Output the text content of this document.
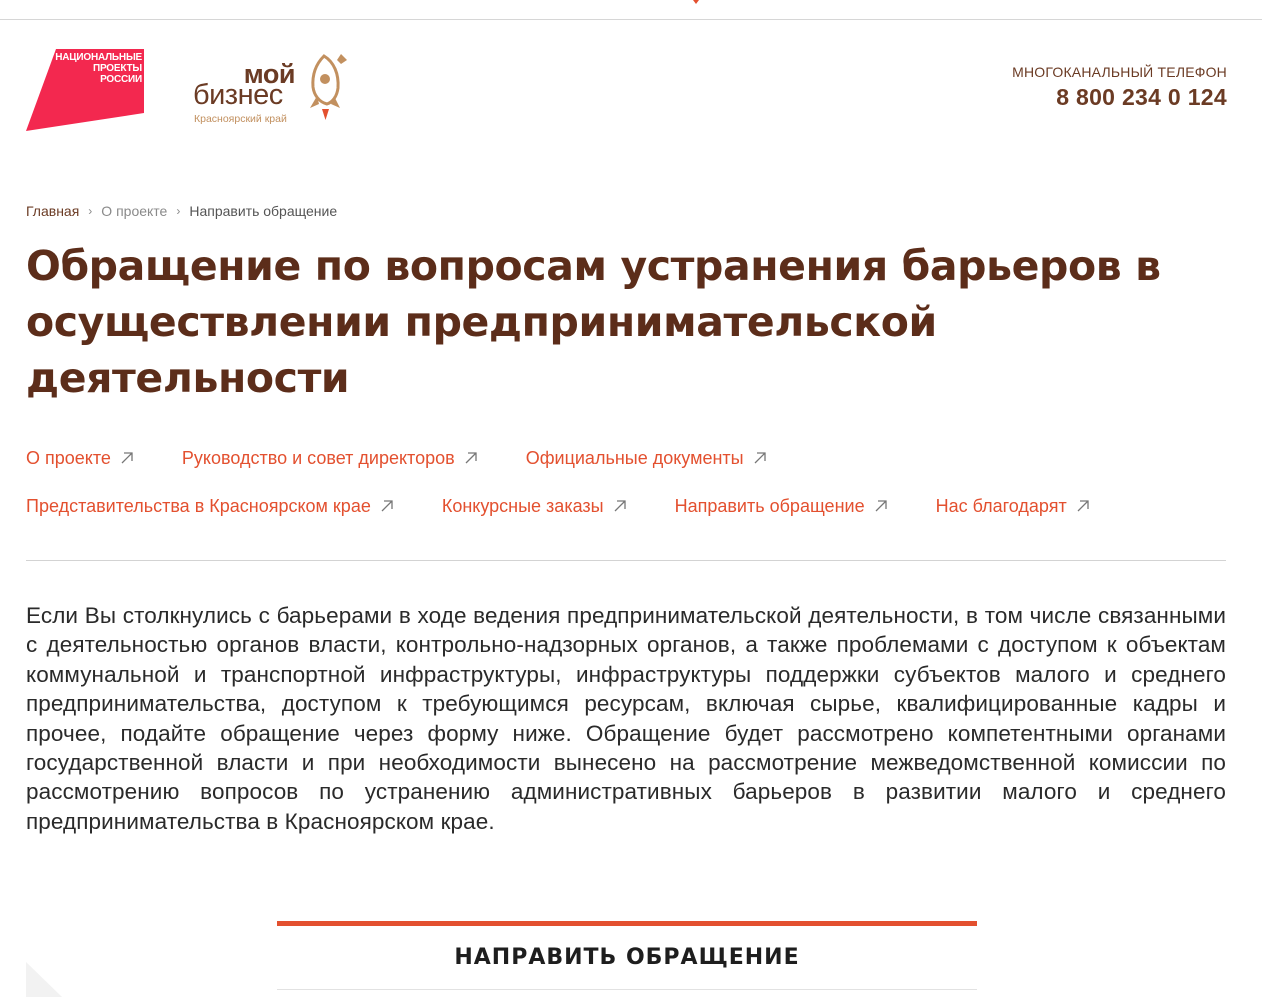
НАЦИОНАЛЬНЫЕ
ПРОЕКТЫ
РОССИИ	мой
бизнес
Красноярский край
МНОГОКАНАЛЬНЫЙ ТЕЛЕФОН
8 800 234 0 124
Главная › О проекте › Направить обращение
Обращение по вопросам устранения барьеров в осуществлении предпринимательской деятельности
О проекте	Руководство и совет директоров	Официальные документы
Представительства в Красноярском крае	Конкурсные заказы	Направить обращение	Нас благодарят

Если Вы столкнулись с барьерами в ходе ведения предпринимательской деятельности, в том числе связанными с деятельностью органов власти, контрольно-надзорных органов, а также проблемами с доступом к объектам коммунальной и транспортной инфраструктуры, инфраструктуры поддержки субъектов малого и среднего предпринимательства, доступом к требующимся ресурсам, включая сырье, квалифицированные кадры и прочее, подайте обращение через форму ниже. Обращение будет рассмотрено компетентными органами государственной власти и при необходимости вынесено на рассмотрение межведомственной комиссии по рассмотрению вопросов по устранению административных барьеров в развитии малого и среднего предпринимательства в Красноярском крае.

НАПРАВИТЬ ОБРАЩЕНИЕ
